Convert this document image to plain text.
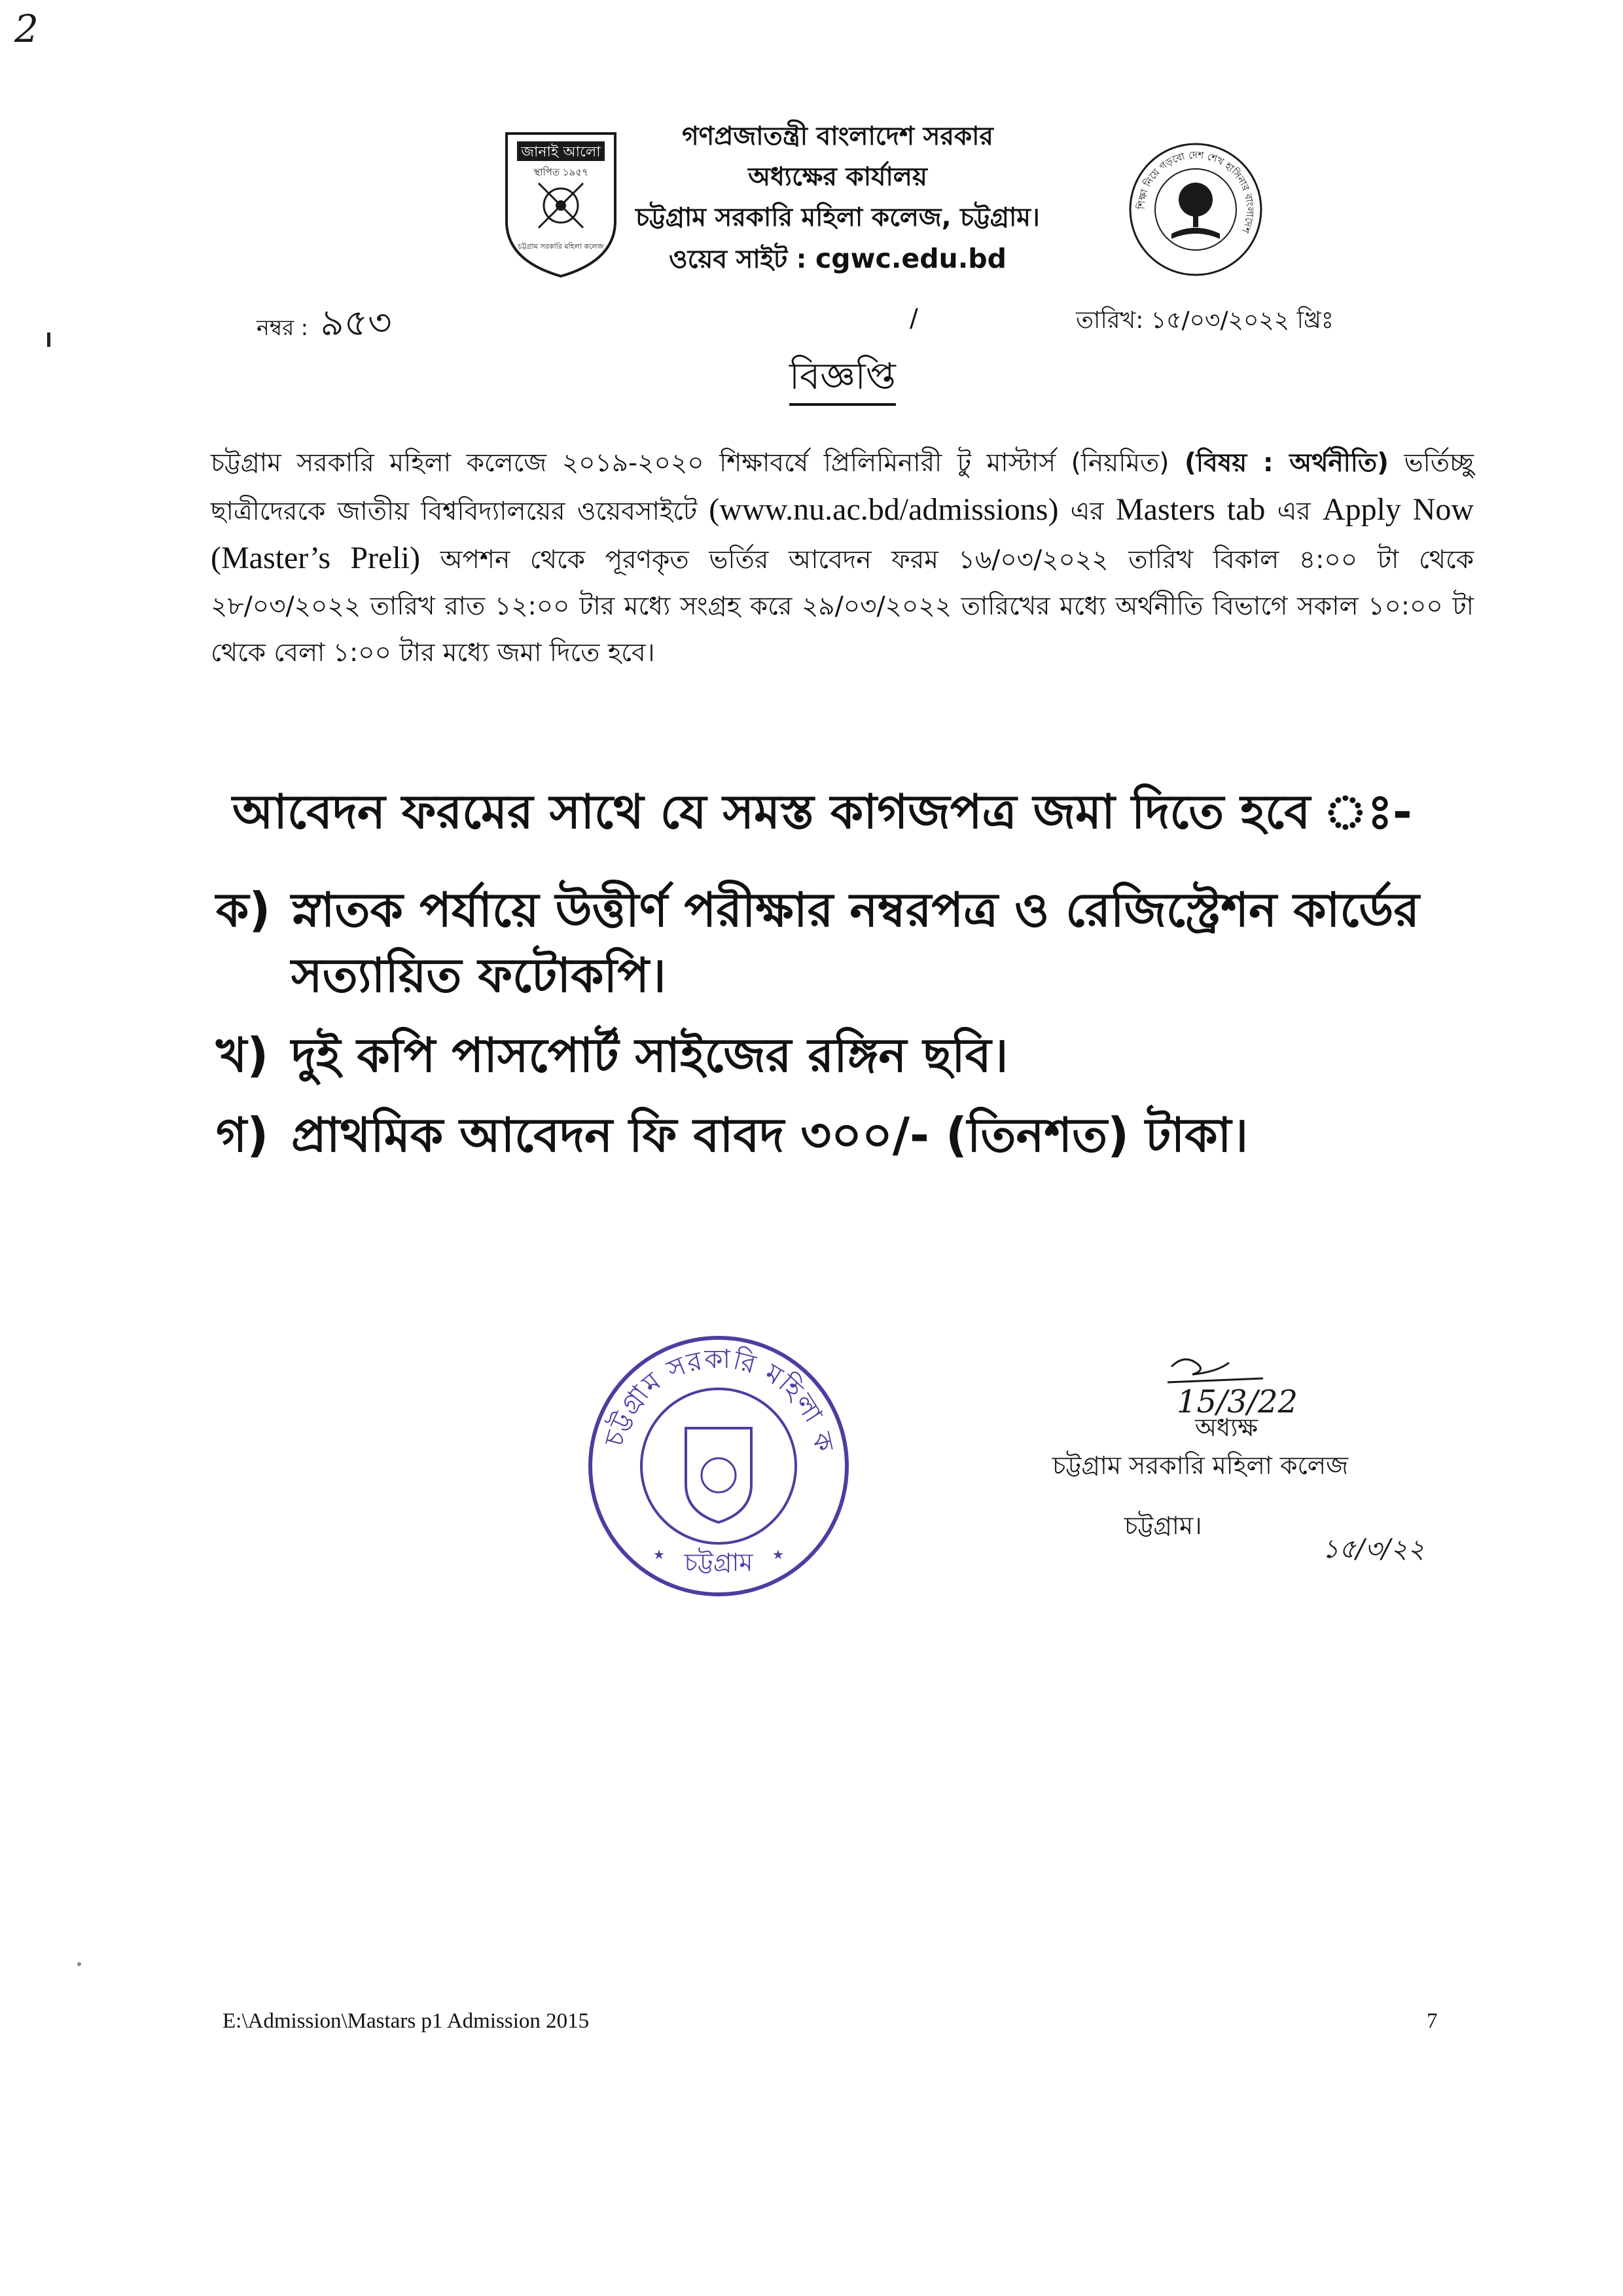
2
জানাই আলো
স্থাপিত ১৯৫৭
চট্টগ্রাম সরকারি মহিলা কলেজ
শিক্ষা নিয়ে গড়বো দেশ শেখ হাসিনার বাংলাদেশ
গণপ্রজাতন্ত্রী বাংলাদেশ সরকার
অধ্যক্ষের কার্যালয়
চট্টগ্রাম সরকারি মহিলা কলেজ, চট্টগ্রাম।
ওয়েব সাইট : cgwc.edu.bd
নম্বর : ৯৫৩	/	তারিখ: ১৫/০৩/২০২২ খ্রিঃ
বিজ্ঞপ্তি
চট্টগ্রাম সরকারি মহিলা কলেজে ২০১৯-২০২০ শিক্ষাবর্ষে প্রিলিমিনারী টু মাস্টার্স (নিয়মিত) (বিষয় : অর্থনীতি) ভর্তিচ্ছু ছাত্রীদেরকে জাতীয় বিশ্ববিদ্যালয়ের ওয়েবসাইটে (www.nu.ac.bd/admissions) এর Masters tab এর Apply Now (Master’s Preli) অপশন থেকে পূরণকৃত ভর্তির আবেদন ফরম ১৬/০৩/২০২২ তারিখ বিকাল ৪:০০ টা থেকে ২৮/০৩/২০২২ তারিখ রাত ১২:০০ টার মধ্যে সংগ্রহ করে ২৯/০৩/২০২২ তারিখের মধ্যে অর্থনীতি বিভাগে সকাল ১০:০০ টা থেকে বেলা ১:০০ টার মধ্যে জমা দিতে হবে।
আবেদন ফরমের সাথে যে সমস্ত কাগজপত্র জমা দিতে হবে ঃ-
ক) স্নাতক পর্যায়ে উত্তীর্ণ পরীক্ষার নম্বরপত্র ও রেজিস্ট্রেশন কার্ডের
সত্যায়িত ফটোকপি।
খ) দুই কপি পাসপোর্ট সাইজের রঙ্গিন ছবি।
গ) প্রাথমিক আবেদন ফি বাবদ ৩০০/- (তিনশত) টাকা।
চট্টগ্রাম সরকারি মহিলা ক
★ চট্টগ্রাম ★
15/3/22
অধ্যক্ষ
চট্টগ্রাম সরকারি মহিলা কলেজ
চট্টগ্রাম।
১৫/৩/২২
E:\Admission\Mastars p1 Admission 2015	7
